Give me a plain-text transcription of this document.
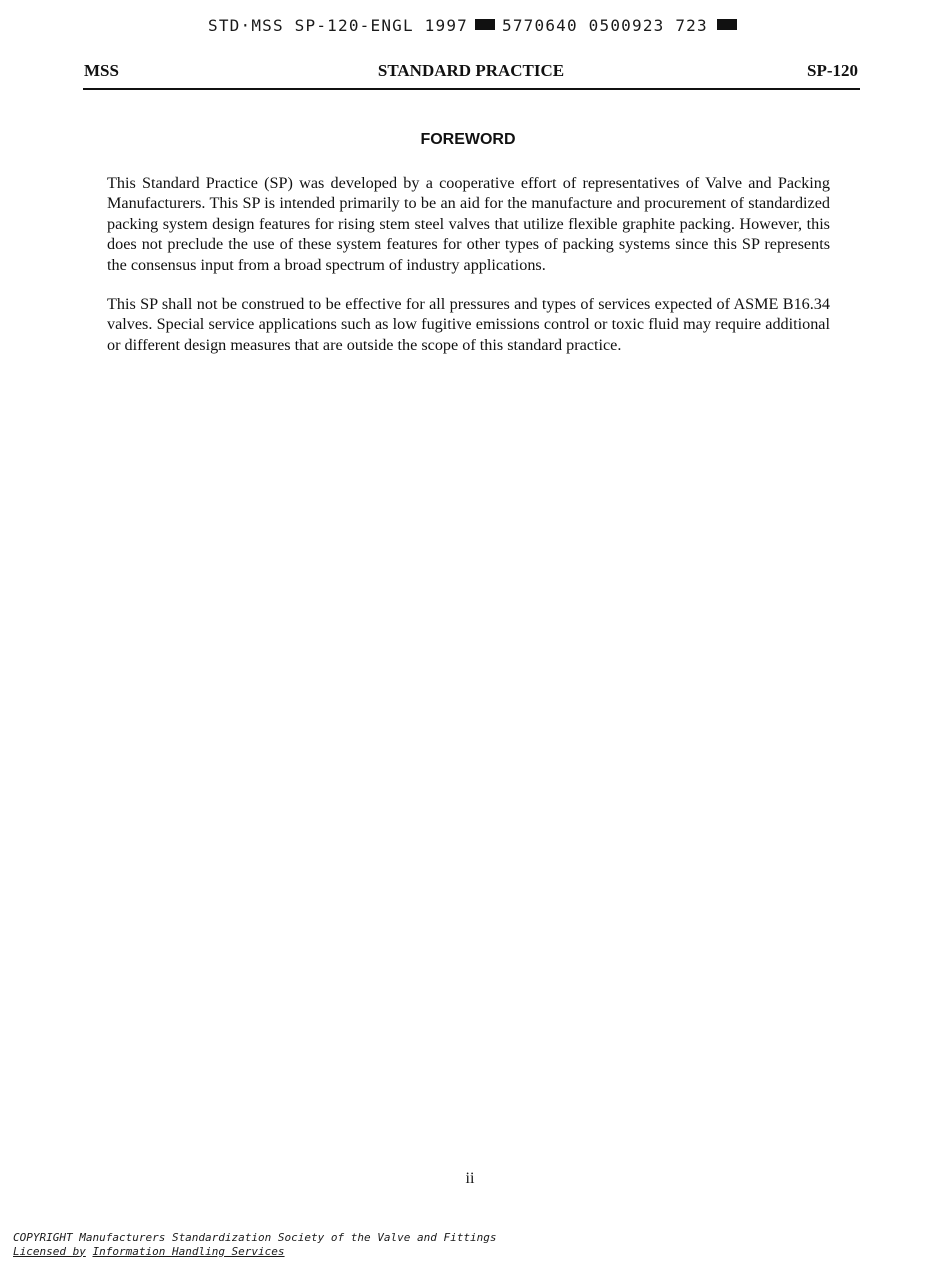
STD·MSS SP-120-ENGL 1997 5770640 0500923 723
MSS	STANDARD PRACTICE	SP-120
FOREWORD

This Standard Practice (SP) was developed by a cooperative effort of representatives of Valve and Packing Manufacturers. This SP is intended primarily to be an aid for the manufacture and procurement of standardized packing system design features for rising stem steel valves that utilize flexible graphite packing. However, this does not preclude the use of these system features for other types of packing systems since this SP represents the consensus input from a broad spectrum of industry applications.

This SP shall not be construed to be effective for all pressures and types of services expected of ASME B16.34 valves. Special service applications such as low fugitive emissions control or toxic fluid may require additional or different design measures that are outside the scope of this standard practice.

ii
COPYRIGHT Manufacturers Standardization Society of the Valve and Fittings
Licensed by Information Handling Services
